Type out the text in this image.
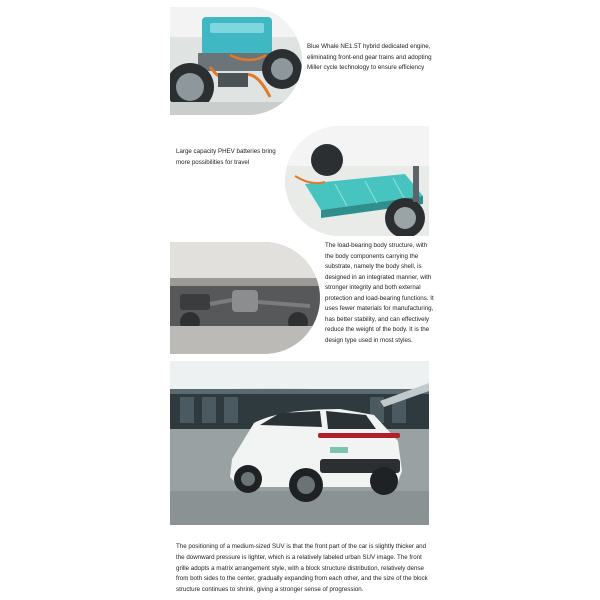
Blue Whale NE1.5T hybrid dedicated engine, eliminating front-end gear trains and adopting Miller cycle technology to ensure efficiency
Large capacity PHEV batteries bring more possibilities for travel
The load-bearing body structure, with the body components carrying the substrate, namely the body shell, is designed in an integrated manner, with stronger integrity and both external protection and load-bearing functions. It uses fewer materials for manufacturing, has better stability, and can effectively reduce the weight of the body. It is the design type used in most styles.
The positioning of a medium-sized SUV is that the front part of the car is slightly thicker and the downward pressure is lighter, which is a relatively labeled urban SUV image. The front grille adopts a matrix arrangement style, with a block structure distribution, relatively dense from both sides to the center, gradually expanding from each other, and the size of the block structure continues to shrink, giving a stronger sense of progression.
